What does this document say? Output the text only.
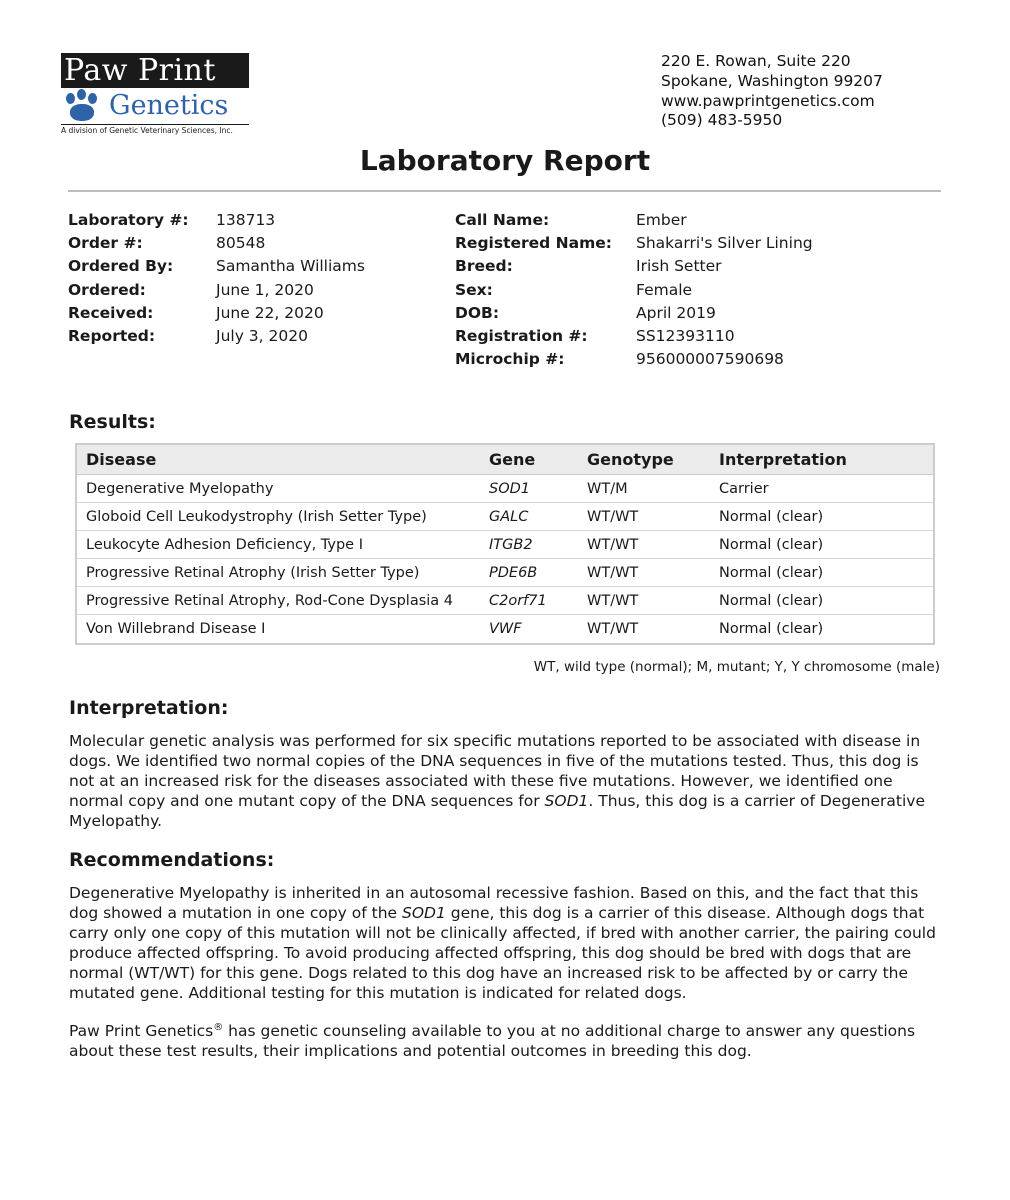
Paw Print
Genetics
A division of Genetic Veterinary Sciences, Inc.
220 E. Rowan, Suite 220
Spokane, Washington 99207
www.pawprintgenetics.com
(509) 483-5950
Laboratory Report
Laboratory #:	138713
Order #:	80548
Ordered By:	Samantha Williams
Ordered:	June 1, 2020
Received:	June 22, 2020
Reported:	July 3, 2020
Call Name:	Ember
Registered Name:	Shakarri's Silver Lining
Breed:	Irish Setter
Sex:	Female
DOB:	April 2019
Registration #:	SS12393110
Microchip #:	956000007590698
Results:
Disease	Gene	Genotype	Interpretation
Degenerative Myelopathy	SOD1	WT/M	Carrier
Globoid Cell Leukodystrophy (Irish Setter Type)	GALC	WT/WT	Normal (clear)
Leukocyte Adhesion Deficiency, Type I	ITGB2	WT/WT	Normal (clear)
Progressive Retinal Atrophy (Irish Setter Type)	PDE6B	WT/WT	Normal (clear)
Progressive Retinal Atrophy, Rod-Cone Dysplasia 4	C2orf71	WT/WT	Normal (clear)
Von Willebrand Disease I	VWF	WT/WT	Normal (clear)
WT, wild type (normal); M, mutant; Y, Y chromosome (male)
Interpretation:
Molecular genetic analysis was performed for six specific mutations reported to be associated with disease in dogs. We identified two normal copies of the DNA sequences in five of the mutations tested. Thus, this dog is not at an increased risk for the diseases associated with these five mutations. However, we identified one normal copy and one mutant copy of the DNA sequences for SOD1. Thus, this dog is a carrier of Degenerative Myelopathy.
Recommendations:
Degenerative Myelopathy is inherited in an autosomal recessive fashion. Based on this, and the fact that this dog showed a mutation in one copy of the SOD1 gene, this dog is a carrier of this disease. Although dogs that carry only one copy of this mutation will not be clinically affected, if bred with another carrier, the pairing could produce affected offspring. To avoid producing affected offspring, this dog should be bred with dogs that are normal (WT/WT) for this gene. Dogs related to this dog have an increased risk to be affected by or carry the mutated gene. Additional testing for this mutation is indicated for related dogs.
Paw Print Genetics® has genetic counseling available to you at no additional charge to answer any questions about these test results, their implications and potential outcomes in breeding this dog.
